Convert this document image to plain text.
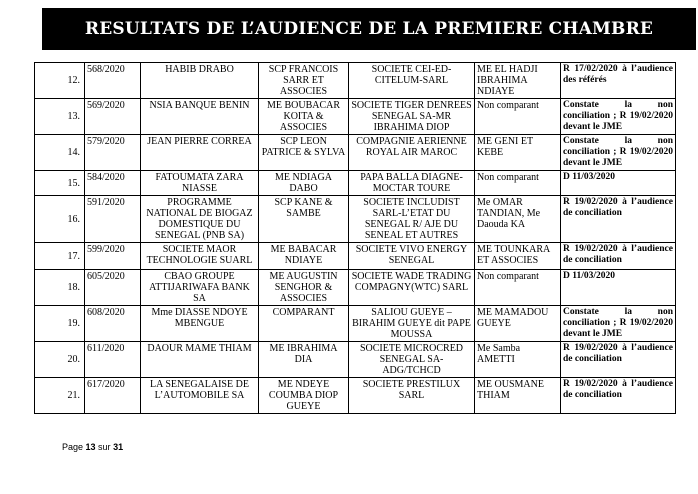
RESULTATS DE L’AUDIENCE DE LA PREMIERE CHAMBRE
12.	568/2020	HABIB DRABO	SCP FRANCOIS SARR ET ASSOCIES	SOCIETE CEI-ED-CITELUM-SARL	ME EL HADJI IBRAHIMA NDIAYE	R 17/02/2020 à l’audience des référés
13.	569/2020	NSIA BANQUE BENIN	ME BOUBACAR KOITA & ASSOCIES	SOCIETE TIGER DENREES SENEGAL SA-MR IBRAHIMA DIOP	Non comparant	Constate la non conciliation ; R 19/02/2020 devant le JME
14.	579/2020	JEAN PIERRE CORREA	SCP LEON PATRICE & SYLVA	COMPAGNIE AERIENNE ROYAL AIR MAROC	ME GENI ET KEBE	Constate la non conciliation ; R 19/02/2020 devant le JME
15.	584/2020	FATOUMATA ZARA NIASSE	ME NDIAGA DABO	PAPA BALLA DIAGNE-MOCTAR TOURE	Non comparant	D 11/03/2020
16.	591/2020	PROGRAMME NATIONAL DE BIOGAZ DOMESTIQUE DU SENEGAL (PNB SA)	SCP KANE & SAMBE	SOCIETE INCLUDIST SARL-L’ETAT DU SENEGAL R/ AJE DU SENEAL ET AUTRES	Me OMAR TANDIAN, Me Daouda KA	R 19/02/2020 à l’audience de conciliation
17.	599/2020	SOCIETE MAOR TECHNOLOGIE SUARL	ME BABACAR NDIAYE	SOCIETE VIVO ENERGY SENEGAL	ME TOUNKARA ET ASSOCIES	R 19/02/2020 à l’audience de conciliation
18.	605/2020	CBAO GROUPE ATTIJARIWAFA BANK SA	ME AUGUSTIN SENGHOR & ASSOCIES	SOCIETE WADE TRADING COMPAGNY(WTC) SARL	Non comparant	D 11/03/2020
19.	608/2020	Mme DIASSE NDOYE MBENGUE	COMPARANT	SALIOU GUEYE –BIRAHIM GUEYE dit PAPE MOUSSA	ME MAMADOU GUEYE	Constate la non conciliation ; R 19/02/2020 devant le JME
20.	611/2020	DAOUR MAME THIAM	ME IBRAHIMA DIA	SOCIETE MICROCRED SENEGAL SA-ADG/TCHCD	Me Samba AMETTI	R 19/02/2020 à l’audience de conciliation
21.	617/2020	LA SENEGALAISE DE L’AUTOMOBILE SA	ME NDEYE COUMBA DIOP GUEYE	SOCIETE PRESTILUX SARL	ME OUSMANE THIAM	R 19/02/2020 à l’audience de conciliation
Page 13 sur 31
